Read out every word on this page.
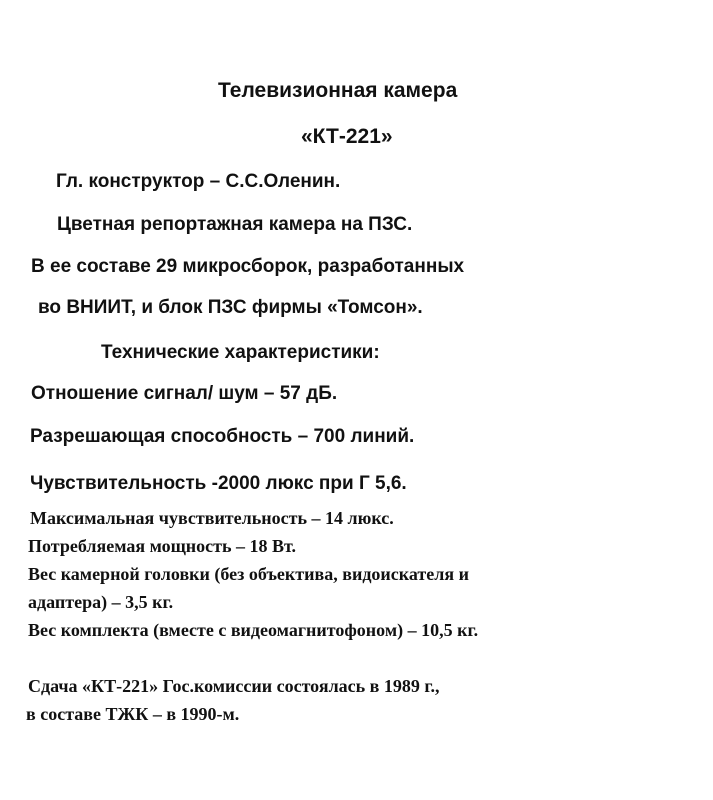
Телевизионная камера
«КТ-221»
Гл. конструктор – С.С.Оленин.
Цветная репортажная камера на ПЗС.
В ее составе 29 микросборок, разработанных
во ВНИИТ, и блок ПЗС фирмы «Томсон».
Технические характеристики:
Отношение сигнал/ шум – 57 дБ.
Разрешающая способность – 700 линий.
Чувствительность -2000 люкс при Г 5,6.
Максимальная чувствительность – 14 люкс.
Потребляемая мощность – 18 Вт.
Вес камерной головки (без объектива, видоискателя и
адаптера) – 3,5 кг.
Вес комплекта (вместе с видеомагнитофоном) – 10,5 кг.
Сдача «КТ-221» Гос.комиссии состоялась в 1989 г.,
в составе ТЖК – в 1990-м.
